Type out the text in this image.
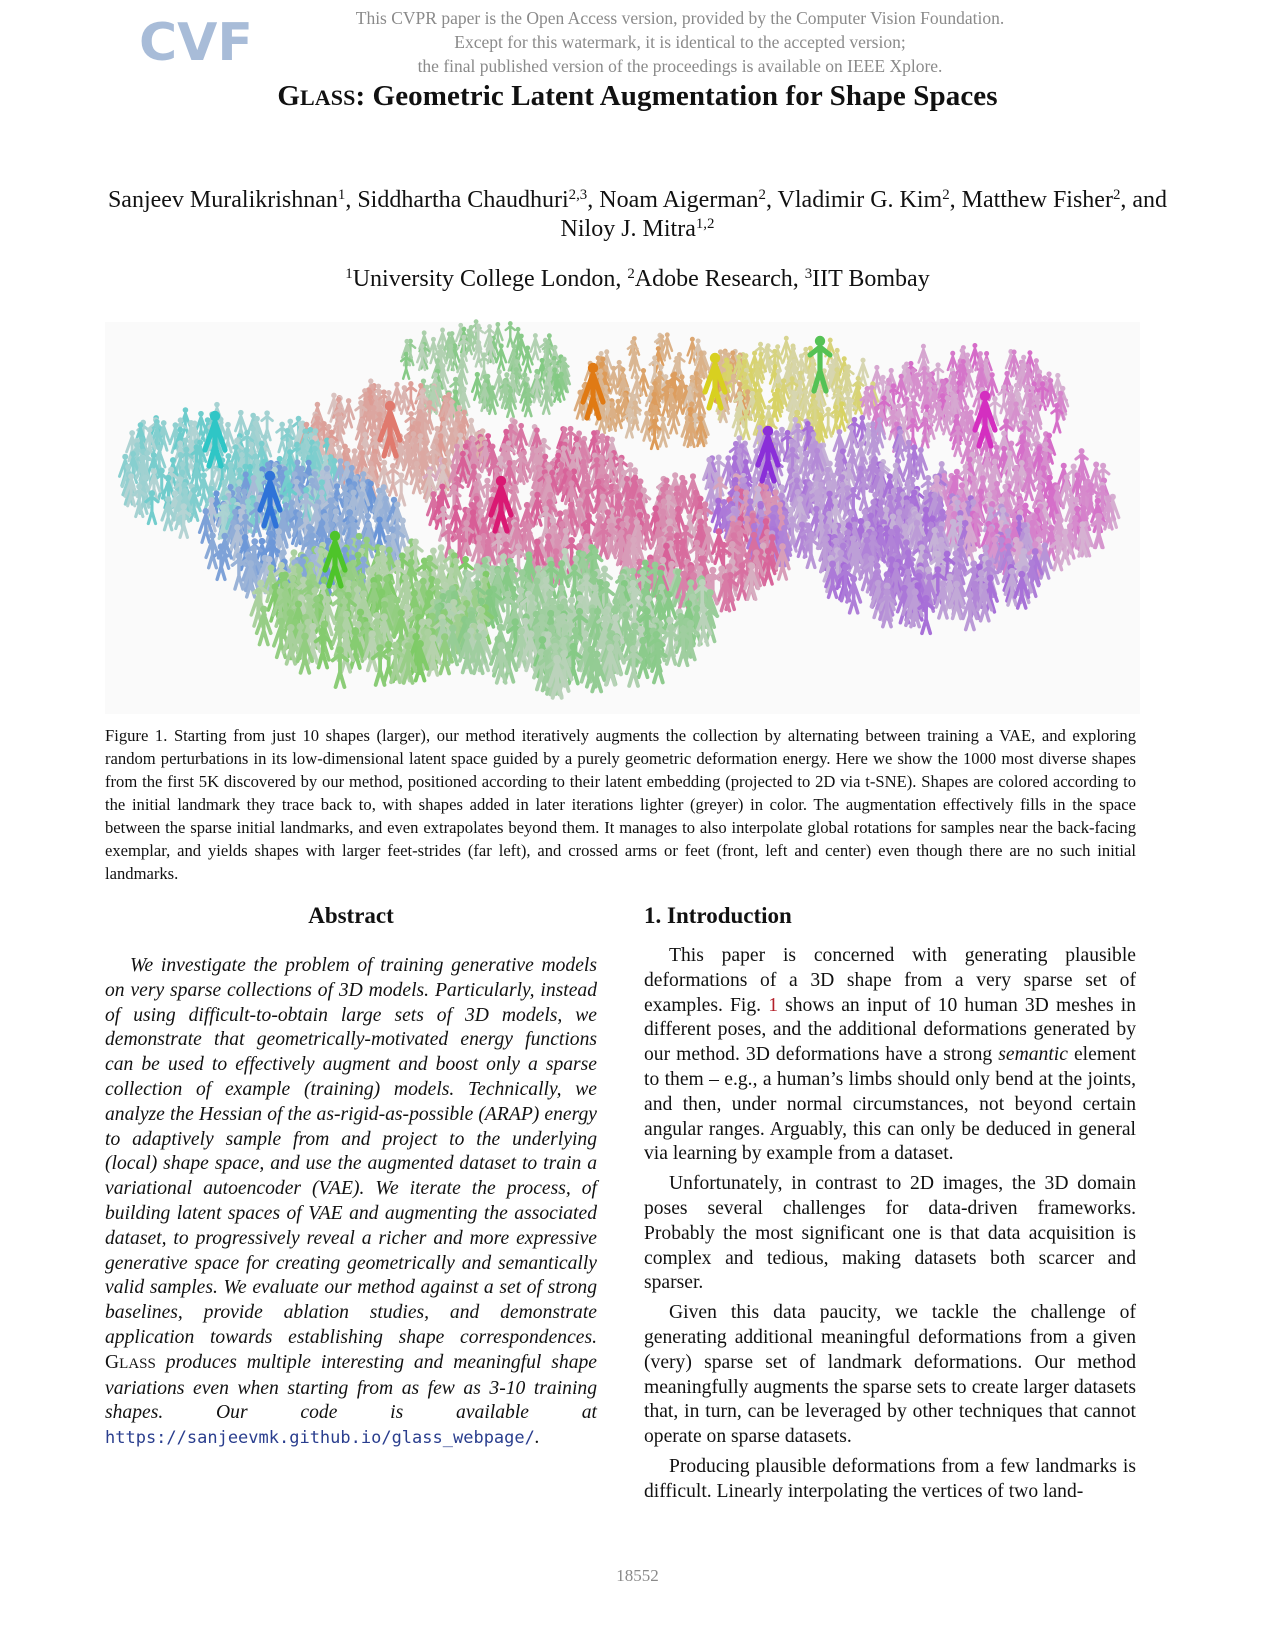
CVF	This CVPR paper is the Open Access version, provided by the Computer Vision Foundation.
Except for this watermark, it is identical to the accepted version;
the final published version of the proceedings is available on IEEE Xplore.
GLASS: Geometric Latent Augmentation for Shape Spaces
Sanjeev Muralikrishnan$^1$, Siddhartha Chaudhuri$^{2,3}$, Noam Aigerman$^2$, Vladimir G. Kim$^2$, Matthew Fisher$^2$, and Niloy J. Mitra$^{1,2}$
$^1$University College London, $^2$Adobe Research, $^3$IIT Bombay
Figure 1. Starting from just 10 shapes (larger), our method iteratively augments the collection by alternating between training a VAE, and exploring random perturbations in its low-dimensional latent space guided by a purely geometric deformation energy. Here we show the 1000 most diverse shapes from the first 5K discovered by our method, positioned according to their latent embedding (projected to 2D via t-SNE). Shapes are colored according to the initial landmark they trace back to, with shapes added in later iterations lighter (greyer) in color. The augmentation effectively fills in the space between the sparse initial landmarks, and even extrapolates beyond them. It manages to also interpolate global rotations for samples near the back-facing exemplar, and yields shapes with larger feet-strides (far left), and crossed arms or feet (front, left and center) even though there are no such initial landmarks.
Abstract
We investigate the problem of training generative models on very sparse collections of 3D models. Particularly, instead of using difficult-to-obtain large sets of 3D models, we demonstrate that geometrically-motivated energy functions can be used to effectively augment and boost only a sparse collection of example (training) models. Technically, we analyze the Hessian of the as-rigid-as-possible (ARAP) energy to adaptively sample from and project to the underlying (local) shape space, and use the augmented dataset to train a variational autoencoder (VAE). We iterate the process, of building latent spaces of VAE and augmenting the associated dataset, to progressively reveal a richer and more expressive generative space for creating geometrically and semantically valid samples. We evaluate our method against a set of strong baselines, provide ablation studies, and demonstrate application towards establishing shape correspondences. GLASS produces multiple interesting and meaningful shape variations even when starting from as few as 3-10 training shapes. Our code is available at https://sanjeevmk.github.io/glass_webpage/.
1. Introduction

This paper is concerned with generating plausible deformations of a 3D shape from a very sparse set of examples. Fig. 1 shows an input of 10 human 3D meshes in different poses, and the additional deformations generated by our method. 3D deformations have a strong semantic element to them – e.g., a human’s limbs should only bend at the joints, and then, under normal circumstances, not beyond certain angular ranges. Arguably, this can only be deduced in general via learning by example from a dataset.

Unfortunately, in contrast to 2D images, the 3D domain poses several challenges for data-driven frameworks. Probably the most significant one is that data acquisition is complex and tedious, making datasets both scarcer and sparser.

Given this data paucity, we tackle the challenge of generating additional meaningful deformations from a given (very) sparse set of landmark deformations. Our method meaningfully augments the sparse sets to create larger datasets that, in turn, can be leveraged by other techniques that cannot operate on sparse datasets.

Producing plausible deformations from a few landmarks is difficult. Linearly interpolating the vertices of two land-

18552
